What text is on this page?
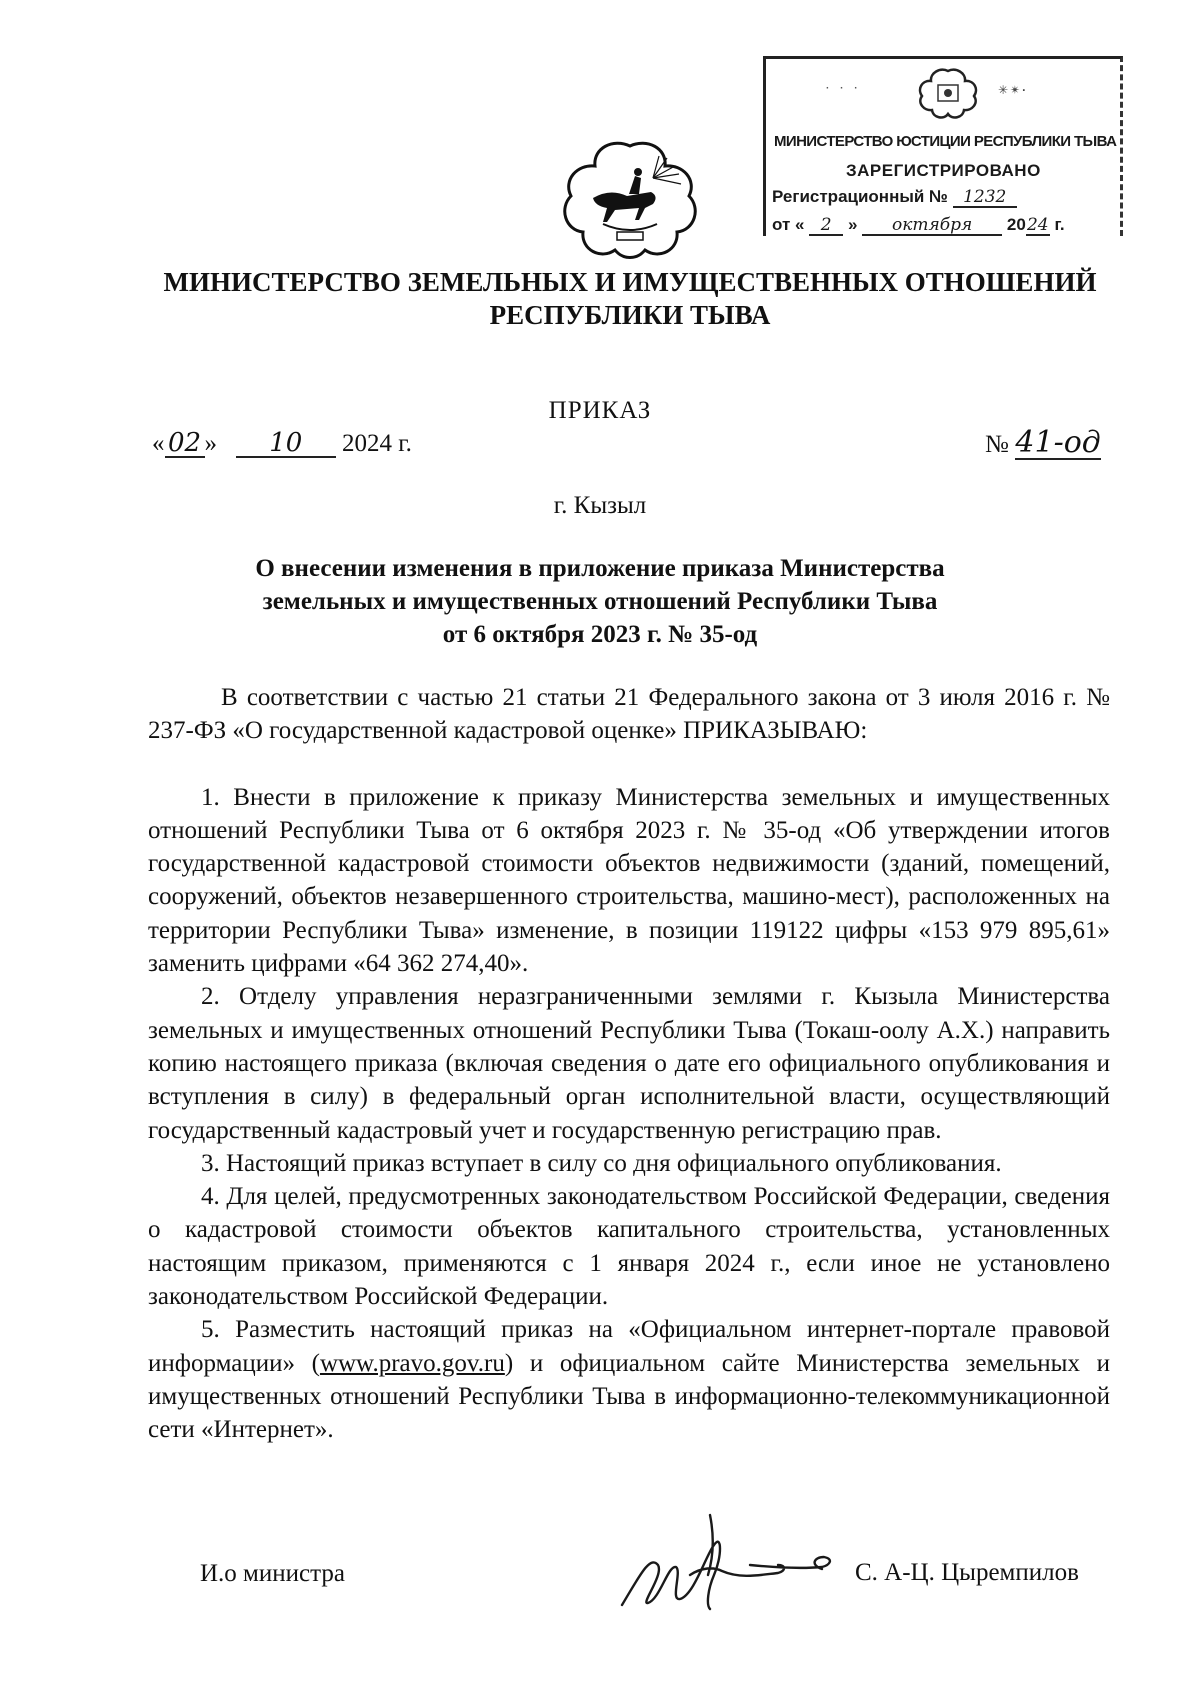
· · ·	✳✴·
МИНИСТЕРСТВО ЮСТИЦИИ РЕСПУБЛИКИ ТЫВА
ЗАРЕГИСТРИРОВАНО
Регистрационный № 1232
от « 2 » октября 2024 г.
МИНИСТЕРСТВО ЗЕМЕЛЬНЫХ И ИМУЩЕСТВЕННЫХ ОТНОШЕНИЙ
РЕСПУБЛИКИ ТЫВА
ПРИКАЗ
« 02 » 10 2024 г.	№ 41-од
г. Кызыл
О внесении изменения в приложение приказа Министерства
земельных и имущественных отношений Республики Тыва
от 6 октября 2023 г. № 35-од

В соответствии с частью 21 статьи 21 Федерального закона от 3 июля 2016 г. № 237-ФЗ «О государственной кадастровой оценке» ПРИКАЗЫВАЮ:

1. Внести в приложение к приказу Министерства земельных и имущественных отношений Республики Тыва от 6 октября 2023 г. № 35-од «Об утверждении итогов государственной кадастровой стоимости объектов недвижимости (зданий, помещений, сооружений, объектов незавершенного строительства, машино-мест), расположенных на территории Республики Тыва» изменение, в позиции 119122 цифры «153 979 895,61» заменить цифрами «64 362 274,40».

2. Отделу управления неразграниченными землями г. Кызыла Министерства земельных и имущественных отношений Республики Тыва (Токаш-оолу А.Х.) направить копию настоящего приказа (включая сведения о дате его официального опубликования и вступления в силу) в федеральный орган исполнительной власти, осуществляющий государственный кадастровый учет и государственную регистрацию прав.

3. Настоящий приказ вступает в силу со дня официального опубликования.

4. Для целей, предусмотренных законодательством Российской Федерации, сведения о кадастровой стоимости объектов капитального строительства, установленных настоящим приказом, применяются с 1 января 2024 г., если иное не установлено законодательством Российской Федерации.

5. Разместить настоящий приказ на «Официальном интернет-портале правовой информации» (www.pravo.gov.ru) и официальном сайте Министерства земельных и имущественных отношений Республики Тыва в информационно-телекоммуникационной сети «Интернет».

И.о министра	С. А-Ц. Цыремпилов
